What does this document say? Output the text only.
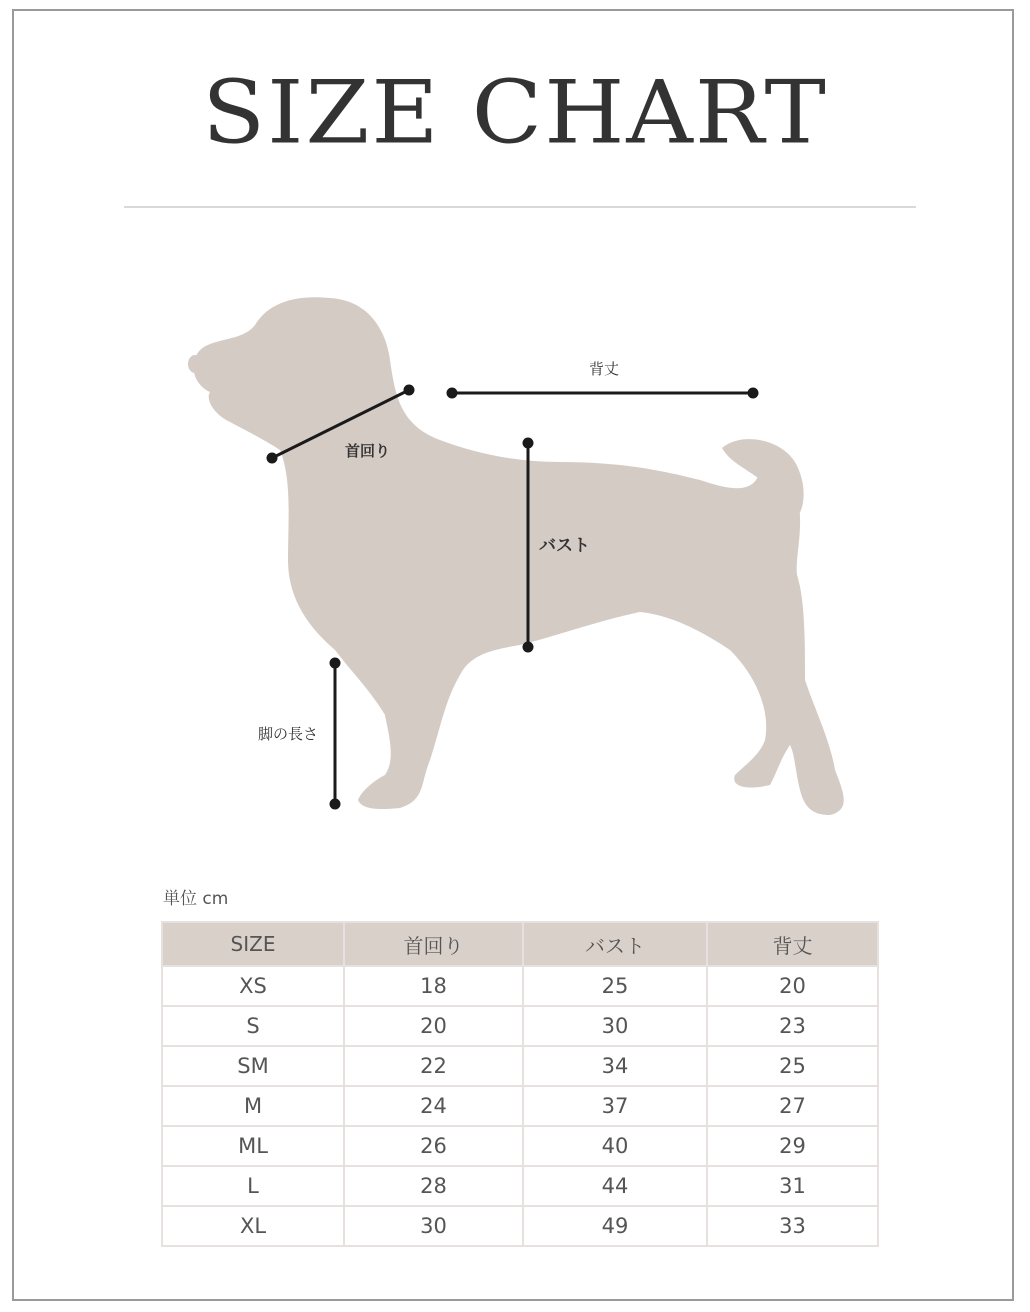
SIZE CHART
背丈
首回り
バスト
脚の長さ
単位 cm
SIZE	首回り	バスト	背丈
XS	18	25	20
S	20	30	23
SM	22	34	25
M	24	37	27
ML	26	40	29
L	28	44	31
XL	30	49	33
